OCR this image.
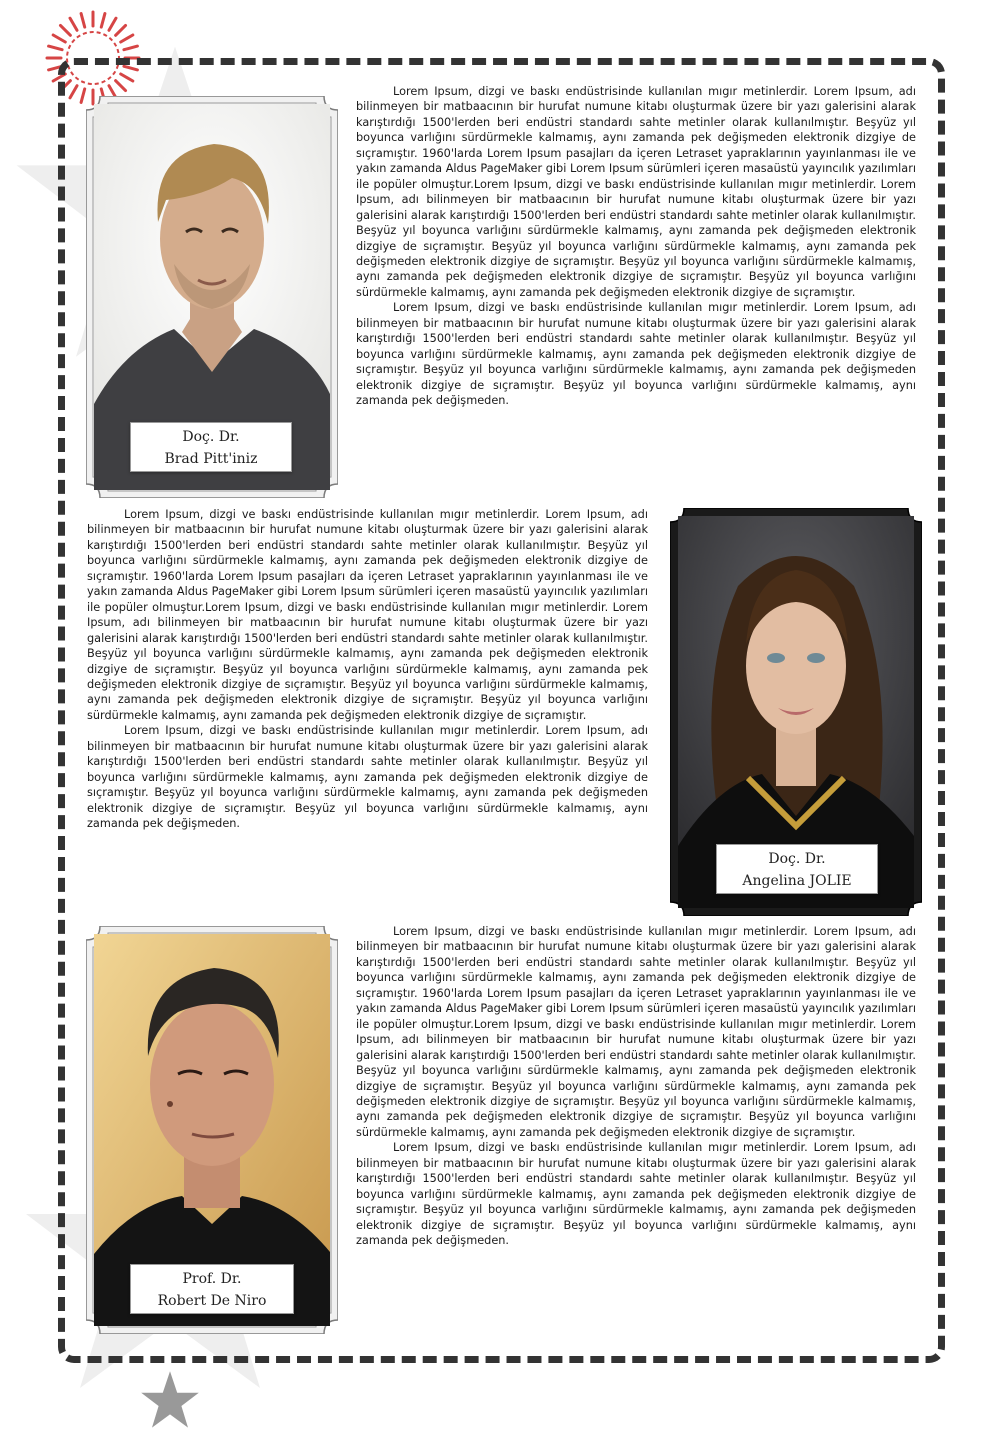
Doç. Dr.
Brad Pitt'iniz

Lorem Ipsum, dizgi ve baskı endüstrisinde kullanılan mıgır metinlerdir. Lorem Ipsum, adı bilinmeyen bir matbaacının bir hurufat numune kitabı oluşturmak üzere bir yazı galerisini alarak karıştırdığı 1500'lerden beri endüstri standardı sahte metinler olarak kullanılmıştır. Beşyüz yıl boyunca varlığını sürdürmekle kalmamış, aynı zamanda pek değişmeden elektronik dizgiye de sıçramıştır. 1960'larda Lorem Ipsum pasajları da içeren Letraset yapraklarının yayınlanması ile ve yakın zamanda Aldus PageMaker gibi Lorem Ipsum sürümleri içeren masaüstü yayıncılık yazılımları ile popüler olmuştur.Lorem Ipsum, dizgi ve baskı endüstrisinde kullanılan mıgır metinlerdir. Lorem Ipsum, adı bilinmeyen bir matbaacının bir hurufat numune kitabı oluşturmak üzere bir yazı galerisini alarak karıştırdığı 1500'lerden beri endüstri standardı sahte metinler olarak kullanılmıştır. Beşyüz yıl boyunca varlığını sürdürmekle kalmamış, aynı zamanda pek değişmeden elektronik dizgiye de sıçramıştır. Beşyüz yıl boyunca varlığını sürdürmekle kalmamış, aynı zamanda pek değişmeden elektronik dizgiye de sıçramıştır. Beşyüz yıl boyunca varlığını sürdürmekle kalmamış, aynı zamanda pek değişmeden elektronik dizgiye de sıçramıştır. Beşyüz yıl boyunca varlığını sürdürmekle kalmamış, aynı zamanda pek değişmeden elektronik dizgiye de sıçramıştır.

Lorem Ipsum, dizgi ve baskı endüstrisinde kullanılan mıgır metinlerdir. Lorem Ipsum, adı bilinmeyen bir matbaacının bir hurufat numune kitabı oluşturmak üzere bir yazı galerisini alarak karıştırdığı 1500'lerden beri endüstri standardı sahte metinler olarak kullanılmıştır. Beşyüz yıl boyunca varlığını sürdürmekle kalmamış, aynı zamanda pek değişmeden elektronik dizgiye de sıçramıştır. Beşyüz yıl boyunca varlığını sürdürmekle kalmamış, aynı zamanda pek değişmeden elektronik dizgiye de sıçramıştır. Beşyüz yıl boyunca varlığını sürdürmekle kalmamış, aynı zamanda pek değişmeden.

Lorem Ipsum, dizgi ve baskı endüstrisinde kullanılan mıgır metinlerdir. Lorem Ipsum, adı bilinmeyen bir matbaacının bir hurufat numune kitabı oluşturmak üzere bir yazı galerisini alarak karıştırdığı 1500'lerden beri endüstri standardı sahte metinler olarak kullanılmıştır. Beşyüz yıl boyunca varlığını sürdürmekle kalmamış, aynı zamanda pek değişmeden elektronik dizgiye de sıçramıştır. 1960'larda Lorem Ipsum pasajları da içeren Letraset yapraklarının yayınlanması ile ve yakın zamanda Aldus PageMaker gibi Lorem Ipsum sürümleri içeren masaüstü yayıncılık yazılımları ile popüler olmuştur.Lorem Ipsum, dizgi ve baskı endüstrisinde kullanılan mıgır metinlerdir. Lorem Ipsum, adı bilinmeyen bir matbaacının bir hurufat numune kitabı oluşturmak üzere bir yazı galerisini alarak karıştırdığı 1500'lerden beri endüstri standardı sahte metinler olarak kullanılmıştır. Beşyüz yıl boyunca varlığını sürdürmekle kalmamış, aynı zamanda pek değişmeden elektronik dizgiye de sıçramıştır. Beşyüz yıl boyunca varlığını sürdürmekle kalmamış, aynı zamanda pek değişmeden elektronik dizgiye de sıçramıştır. Beşyüz yıl boyunca varlığını sürdürmekle kalmamış, aynı zamanda pek değişmeden elektronik dizgiye de sıçramıştır. Beşyüz yıl boyunca varlığını sürdürmekle kalmamış, aynı zamanda pek değişmeden elektronik dizgiye de sıçramıştır.

Lorem Ipsum, dizgi ve baskı endüstrisinde kullanılan mıgır metinlerdir. Lorem Ipsum, adı bilinmeyen bir matbaacının bir hurufat numune kitabı oluşturmak üzere bir yazı galerisini alarak karıştırdığı 1500'lerden beri endüstri standardı sahte metinler olarak kullanılmıştır. Beşyüz yıl boyunca varlığını sürdürmekle kalmamış, aynı zamanda pek değişmeden elektronik dizgiye de sıçramıştır. Beşyüz yıl boyunca varlığını sürdürmekle kalmamış, aynı zamanda pek değişmeden elektronik dizgiye de sıçramıştır. Beşyüz yıl boyunca varlığını sürdürmekle kalmamış, aynı zamanda pek değişmeden.

Doç. Dr.
Angelina JOLIE
Prof. Dr.
Robert De Niro

Lorem Ipsum, dizgi ve baskı endüstrisinde kullanılan mıgır metinlerdir. Lorem Ipsum, adı bilinmeyen bir matbaacının bir hurufat numune kitabı oluşturmak üzere bir yazı galerisini alarak karıştırdığı 1500'lerden beri endüstri standardı sahte metinler olarak kullanılmıştır. Beşyüz yıl boyunca varlığını sürdürmekle kalmamış, aynı zamanda pek değişmeden elektronik dizgiye de sıçramıştır. 1960'larda Lorem Ipsum pasajları da içeren Letraset yapraklarının yayınlanması ile ve yakın zamanda Aldus PageMaker gibi Lorem Ipsum sürümleri içeren masaüstü yayıncılık yazılımları ile popüler olmuştur.Lorem Ipsum, dizgi ve baskı endüstrisinde kullanılan mıgır metinlerdir. Lorem Ipsum, adı bilinmeyen bir matbaacının bir hurufat numune kitabı oluşturmak üzere bir yazı galerisini alarak karıştırdığı 1500'lerden beri endüstri standardı sahte metinler olarak kullanılmıştır. Beşyüz yıl boyunca varlığını sürdürmekle kalmamış, aynı zamanda pek değişmeden elektronik dizgiye de sıçramıştır. Beşyüz yıl boyunca varlığını sürdürmekle kalmamış, aynı zamanda pek değişmeden elektronik dizgiye de sıçramıştır. Beşyüz yıl boyunca varlığını sürdürmekle kalmamış, aynı zamanda pek değişmeden elektronik dizgiye de sıçramıştır. Beşyüz yıl boyunca varlığını sürdürmekle kalmamış, aynı zamanda pek değişmeden elektronik dizgiye de sıçramıştır.

Lorem Ipsum, dizgi ve baskı endüstrisinde kullanılan mıgır metinlerdir. Lorem Ipsum, adı bilinmeyen bir matbaacının bir hurufat numune kitabı oluşturmak üzere bir yazı galerisini alarak karıştırdığı 1500'lerden beri endüstri standardı sahte metinler olarak kullanılmıştır. Beşyüz yıl boyunca varlığını sürdürmekle kalmamış, aynı zamanda pek değişmeden elektronik dizgiye de sıçramıştır. Beşyüz yıl boyunca varlığını sürdürmekle kalmamış, aynı zamanda pek değişmeden elektronik dizgiye de sıçramıştır. Beşyüz yıl boyunca varlığını sürdürmekle kalmamış, aynı zamanda pek değişmeden.
